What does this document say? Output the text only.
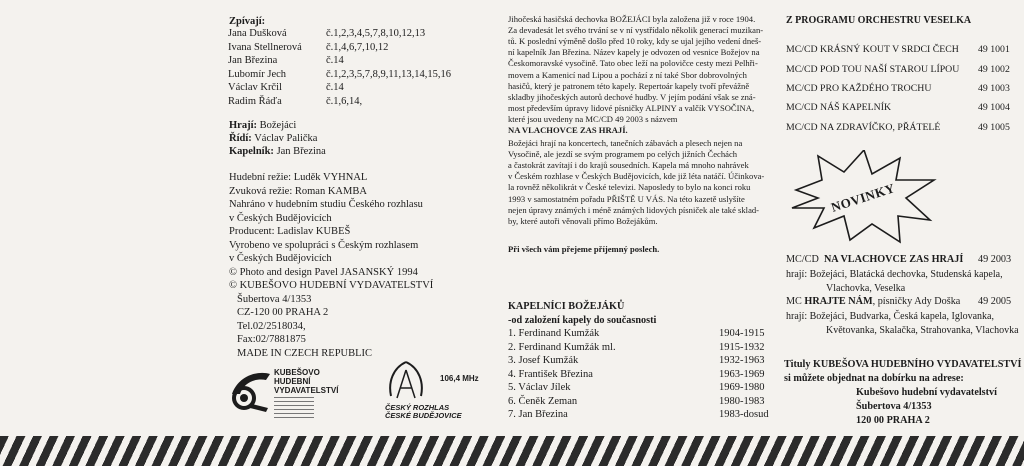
Zpívají:
Jana Dušková	č.1,2,3,4,5,7,8,10,12,13
Ivana Stellnerová č.1,4,6,7,10,12
Jan Březina	č.14
Lubomír Jech	č.1,2,3,5,7,8,9,11,13,14,15,16
Václav Krčil	č.14
Radim Řáďa	č.1,6,14,
Hrají: Božejáci
Řídí: Václav Palička
Kapelník: Jan Březina
Hudební režie: Luděk VYHNAL
Zvuková režie: Roman KAMBA
Nahráno v hudebním studiu Českého rozhlasu
v Českých Budějovicích
Producent: Ladislav KUBEŠ
Vyrobeno ve spolupráci s Českým rozhlasem
v Českých Budějovicích
© Photo and design Pavel JASANSKÝ 1994
© KUBEŠOVO HUDEBNÍ VYDAVATELSTVÍ
Šubertova 4/1353
CZ-120 00 PRAHA 2
Tel.02/2518034,
Fax:02/7881875
MADE IN CZECH REPUBLIC
KUBEŠOVO
HUDEBNÍ
VYDAVATELSTVÍ
106,4 MHz
ČESKÝ ROZHLAS
ČESKÉ BUDĚJOVICE
Jihočeská hasičská dechovka BOŽEJÁCI byla založena již v roce 1904.
Za devadesát let svého trvání se v ní vystřídalo několik generací muzikan-
tů. K poslední výměně došlo před 10 roky, kdy se ujal jejího vedení dneš-
ní kapelník Jan Březina. Název kapely je odvozen od vesnice Božejov na
Českomoravské vysočině. Tato obec leží na polovičce cesty mezi Pelhři-
movem a Kamenicí nad Lipou a pochází z ní také Sbor dobrovolných
hasičů, který je patronem této kapely. Repertoár kapely tvoří převážně
skladby jihočeských autorů dechové hudby. V jejím podání však se zná-
most především úpravy lidové písničky ALPINY a valčík VYSOČINA,
které jsou uvedeny na MC/CD 49 2003 s názvem
NA VLACHOVCE ZAS HRAJÍ.
Božejáci hrají na koncertech, tanečních zábavách a plesech nejen na
Vysočině, ale jezdí se svým programem po celých jižních Čechách
a častokrát zavítají i do krajů sousedních. Kapela má mnoho nahrávek
v Českém rozhlase v Českých Budějovicích, kde již léta natáčí. Účinkova-
la rovněž několikrát v České televizi. Naposledy to bylo na konci roku
1993 v samostatném pořadu PŘIŠTĚ U VÁS. Na této kazetě uslyšíte
nejen úpravy známých i méně známých lidových písniček ale také sklad-
by, které autoři věnovali přímo Božejákům.
Při všech vám přejeme příjemný poslech.
KAPELNÍCI BOŽEJÁKŮ
-od založení kapely do současnosti
1. Ferdinand Kumžák	1904-1915
2. Ferdinand Kumžák ml.	1915-1932
3. Josef Kumžák	1932-1963
4. František Březina	1963-1969
5. Václav Jílek	1969-1980
6. Čeněk Zeman	1980-1983
7. Jan Březina	1983-dosud
Z PROGRAMU ORCHESTRU VESELKA
MC/CD KRÁSNÝ KOUT V SRDCI ČECH 49 1001
MC/CD POD TOU NAŠÍ STAROU LÍPOU 49 1002
MC/CD PRO KAŽDÉHO TROCHU	49 1003
MC/CD NÁŠ KAPELNÍK	49 1004
MC/CD NA ZDRAVÍČKO, PŘÁTELÉ	49 1005
NOVINKY
MC/CD NA VLACHOVCE ZAS HRAJÍ 49 2003
hrají: Božejáci, Blatácká dechovka, Studenská kapela,
Vlachovka, Veselka
MC HRAJTE NÁM, písničky Ady Doška 49 2005
hrají: Božejáci, Budvarka, Česká kapela, Iglovanka,
Květovanka, Skalačka, Strahovanka, Vlachovka
Tituly KUBEŠOVA HUDEBNÍHO VYDAVATELSTVÍ
si můžete objednat na dobírku na adrese:
Kubešovo hudební vydavatelství
Šubertova 4/1353
120 00 PRAHA 2
